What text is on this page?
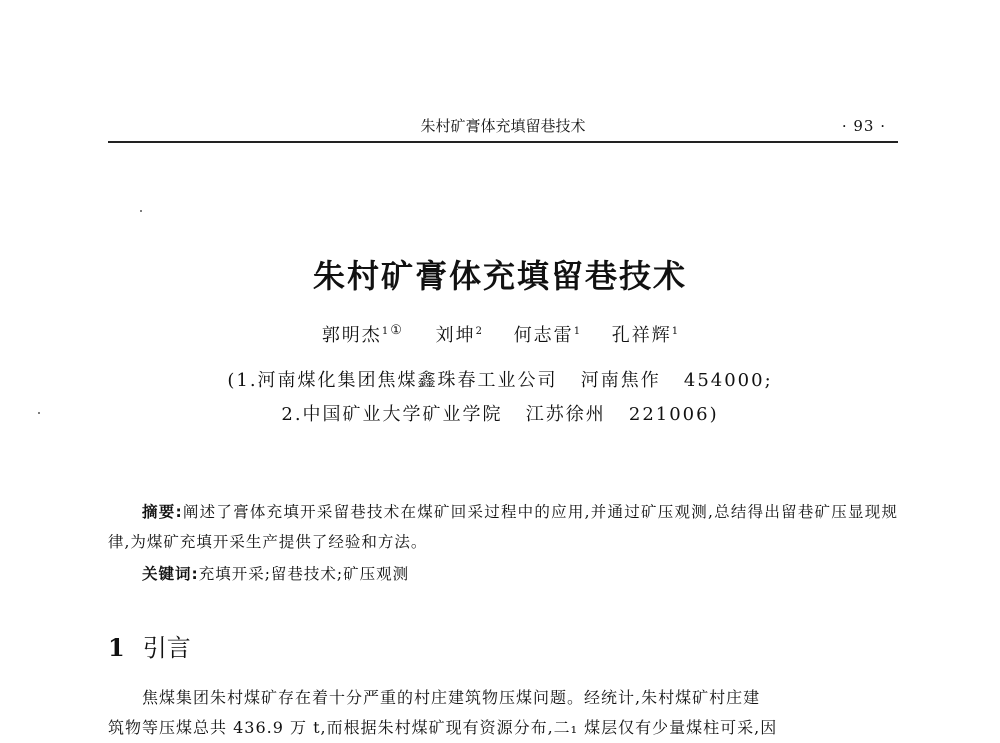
朱村矿膏体充填留巷技术	· 93 ·
朱村矿膏体充填留巷技术
郭明杰$^1$ ① 刘坤$^2$ 何志雷$^1$ 孔祥辉$^1$
(1.河南煤化集团焦煤鑫珠春工业公司   河南焦作   454000;
2.中国矿业大学矿业学院   江苏徐州   221006)
摘要:阐述了膏体充填开采留巷技术在煤矿回采过程中的应用,并通过矿压观测,总结得出留巷矿压显现规律,为煤矿充填开采生产提供了经验和方法。
关键词:充填开采;留巷技术;矿压观测
1 引言
焦煤集团朱村煤矿存在着十分严重的村庄建筑物压煤问题。经统计,朱村煤矿村庄建
筑物等压煤总共 436.9 万 t,而根据朱村煤矿现有资源分布,二₁ 煤层仅有少量煤柱可采,因
